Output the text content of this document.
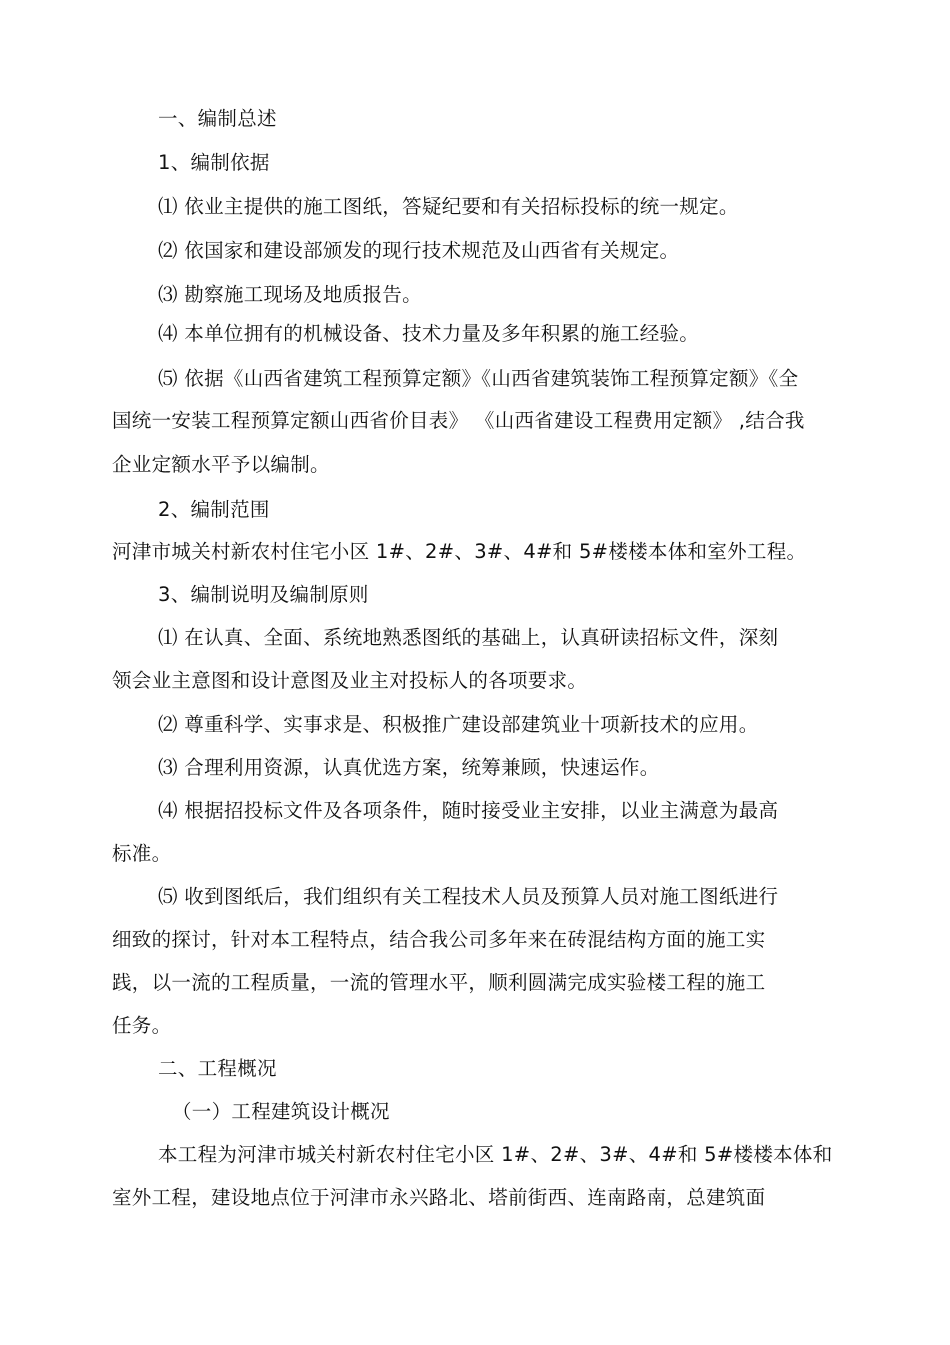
一、编制总述
1、编制依据
⑴ 依业主提供的施工图纸，答疑纪要和有关招标投标的统一规定。
⑵ 依国家和建设部颁发的现行技术规范及山西省有关规定。
⑶ 勘察施工现场及地质报告。
⑷ 本单位拥有的机械设备、技术力量及多年积累的施工经验。
⑸ 依据《山西省建筑工程预算定额》《山西省建筑装饰工程预算定额》《全
国统一安装工程预算定额山西省价目表》 《山西省建设工程费用定额》 ,结合我
企业定额水平予以编制。
2、编制范围
河津市城关村新农村住宅小区 1#、2#、3#、4#和 5#楼楼本体和室外工程。
3、编制说明及编制原则
⑴ 在认真、全面、系统地熟悉图纸的基础上，认真研读招标文件，深刻
领会业主意图和设计意图及业主对投标人的各项要求。
⑵ 尊重科学、实事求是、积极推广建设部建筑业十项新技术的应用。
⑶ 合理利用资源，认真优选方案，统筹兼顾，快速运作。
⑷ 根据招投标文件及各项条件，随时接受业主安排，以业主满意为最高
标准。
⑸ 收到图纸后，我们组织有关工程技术人员及预算人员对施工图纸进行
细致的探讨，针对本工程特点，结合我公司多年来在砖混结构方面的施工实
践，以一流的工程质量，一流的管理水平，顺利圆满完成实验楼工程的施工
任务。
二、工程概况
（一）工程建筑设计概况
本工程为河津市城关村新农村住宅小区 1#、2#、3#、4#和 5#楼楼本体和
室外工程，建设地点位于河津市永兴路北、塔前街西、连南路南，总建筑面
